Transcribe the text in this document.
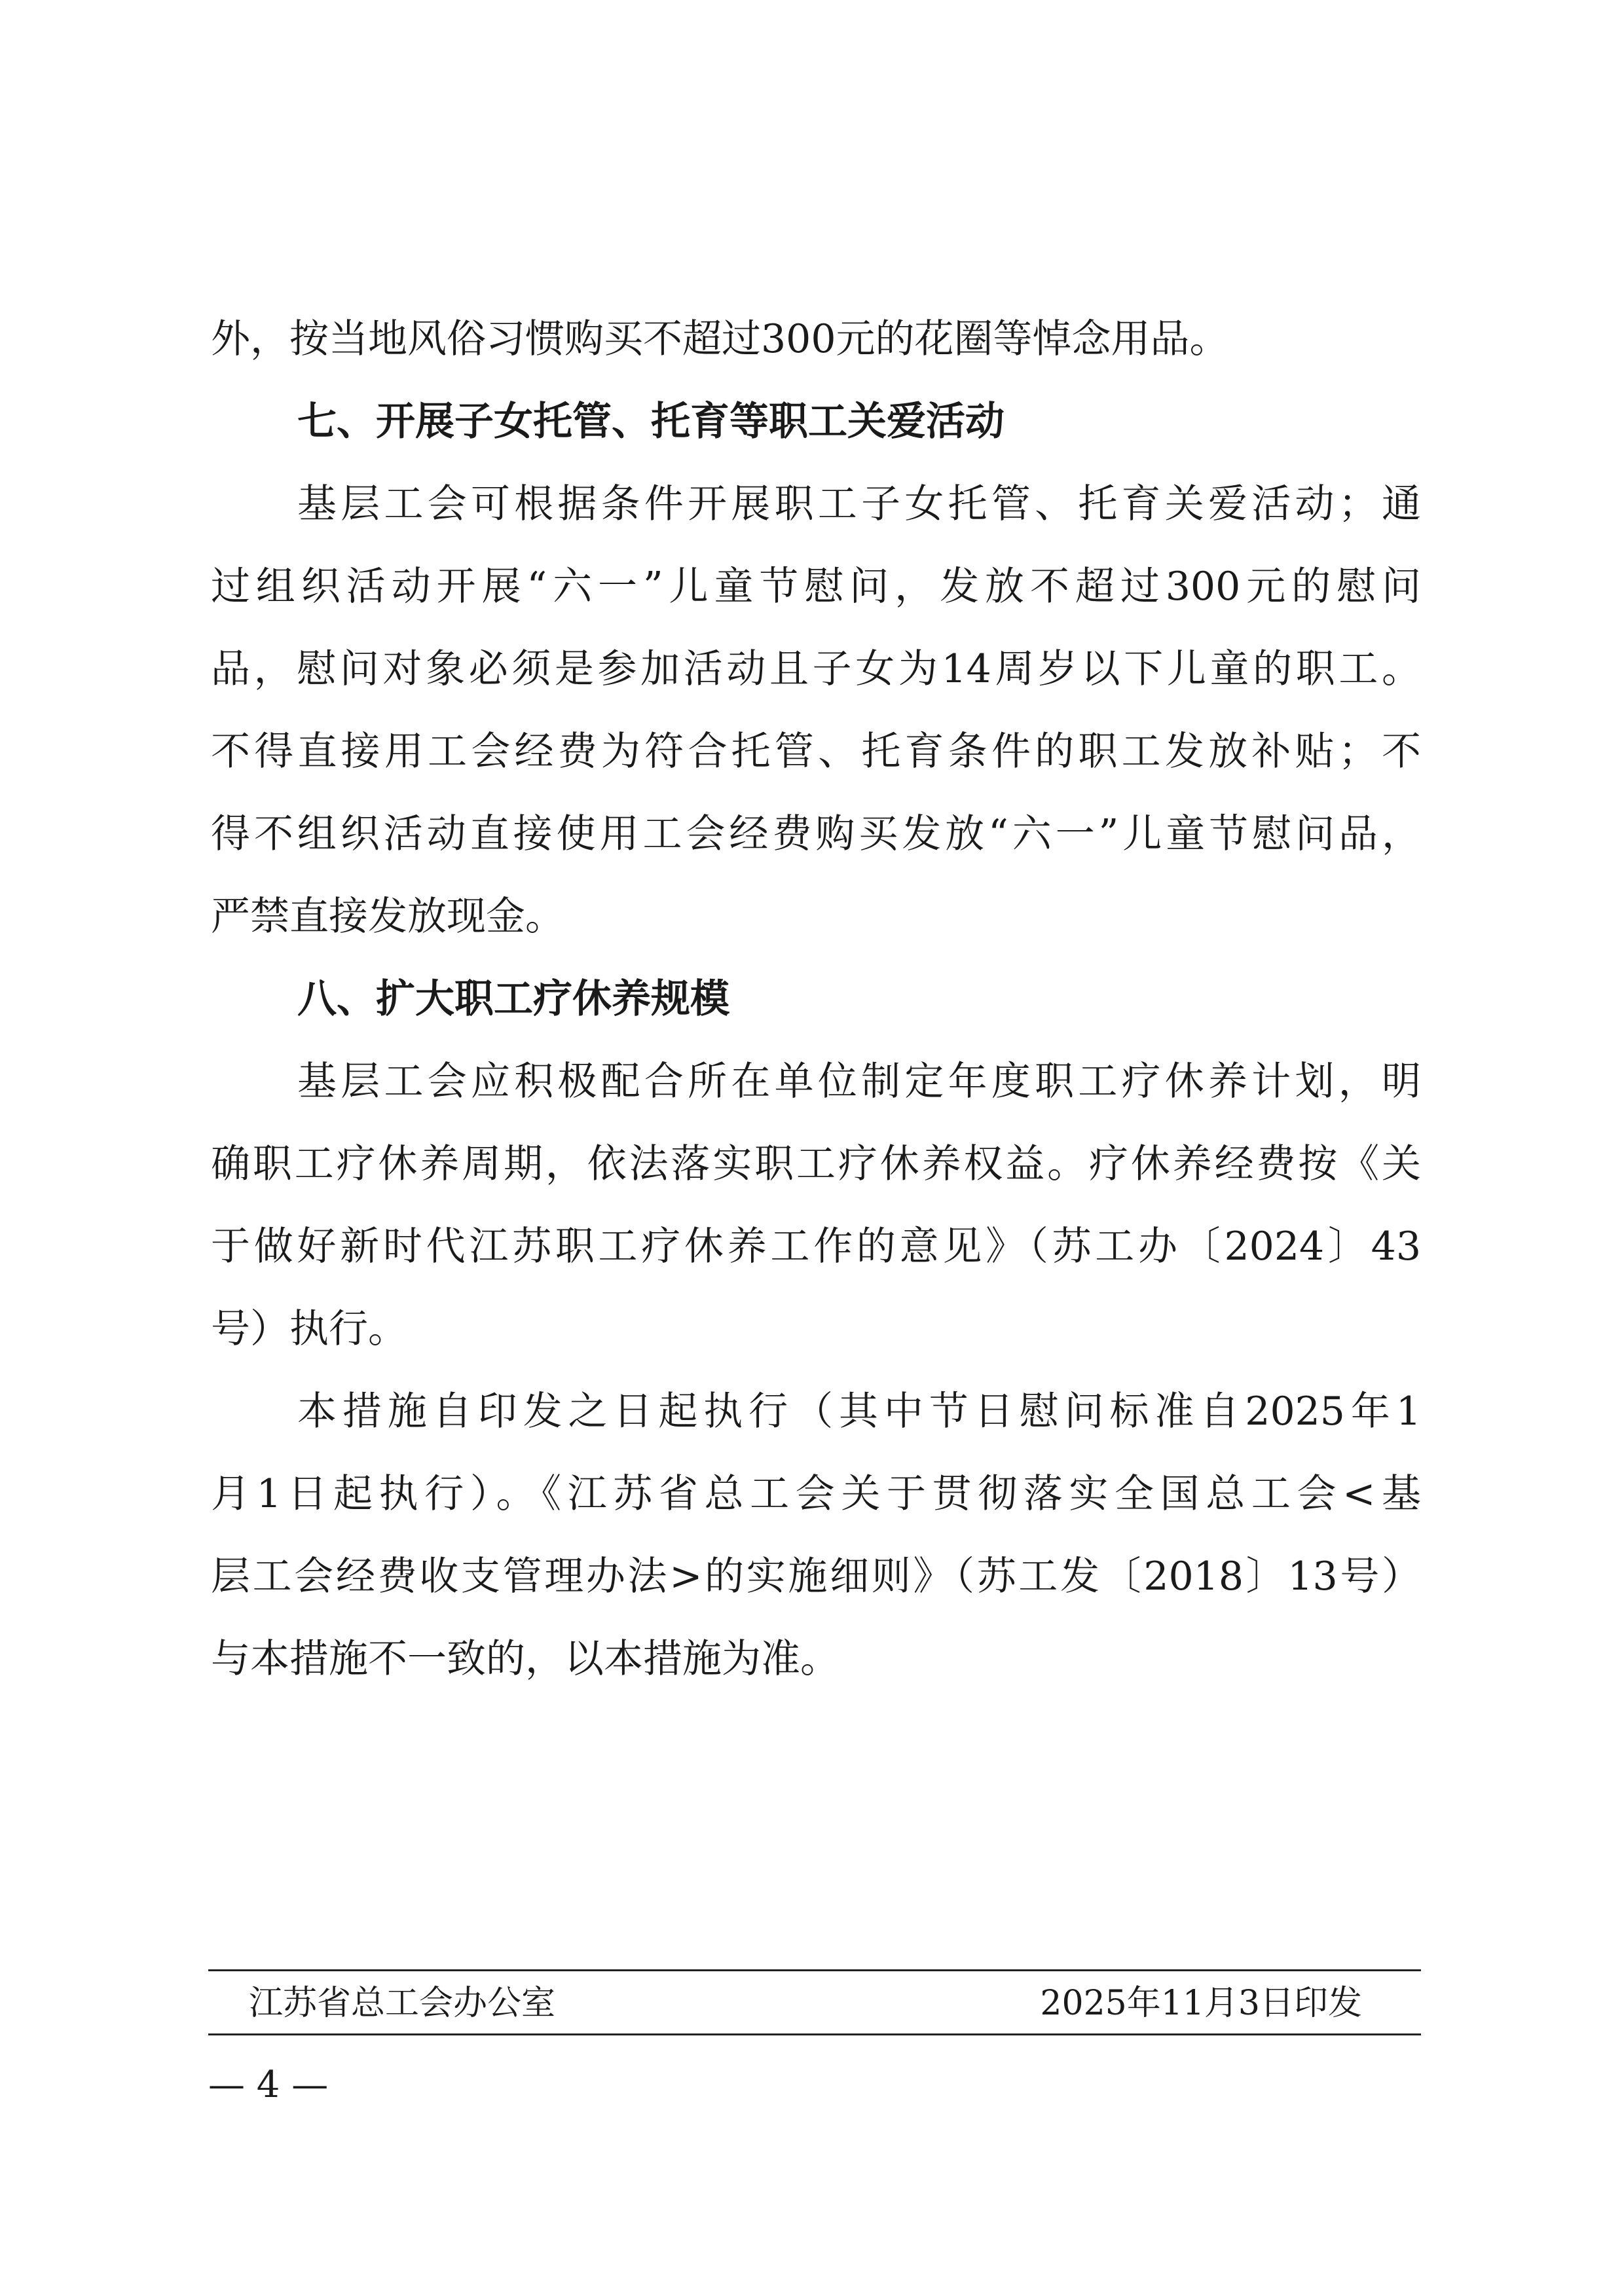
外，按当地风俗习惯购买不超过300元的花圈等悼念用品。
七、开展子女托管、托育等职工关爱活动
基层工会可根据条件开展职工子女托管、托育关爱活动；通
过组织活动开展“六一”儿童节慰问，发放不超过300元的慰问
品，慰问对象必须是参加活动且子女为14周岁以下儿童的职工。
不得直接用工会经费为符合托管、托育条件的职工发放补贴；不
得不组织活动直接使用工会经费购买发放“六一”儿童节慰问品，
严禁直接发放现金。
八、扩大职工疗休养规模
基层工会应积极配合所在单位制定年度职工疗休养计划，明
确职工疗休养周期，依法落实职工疗休养权益。疗休养经费按《关
于做好新时代江苏职工疗休养工作的意见》（苏工办〔2024〕43
号）执行。
本措施自印发之日起执行（其中节日慰问标准自2025年1
月1日起执行）。《江苏省总工会关于贯彻落实全国总工会<基
层工会经费收支管理办法>的实施细则》（苏工发〔2018〕13号）
与本措施不一致的，以本措施为准。
江苏省总工会办公室	2025年11月3日印发
— 4 —
